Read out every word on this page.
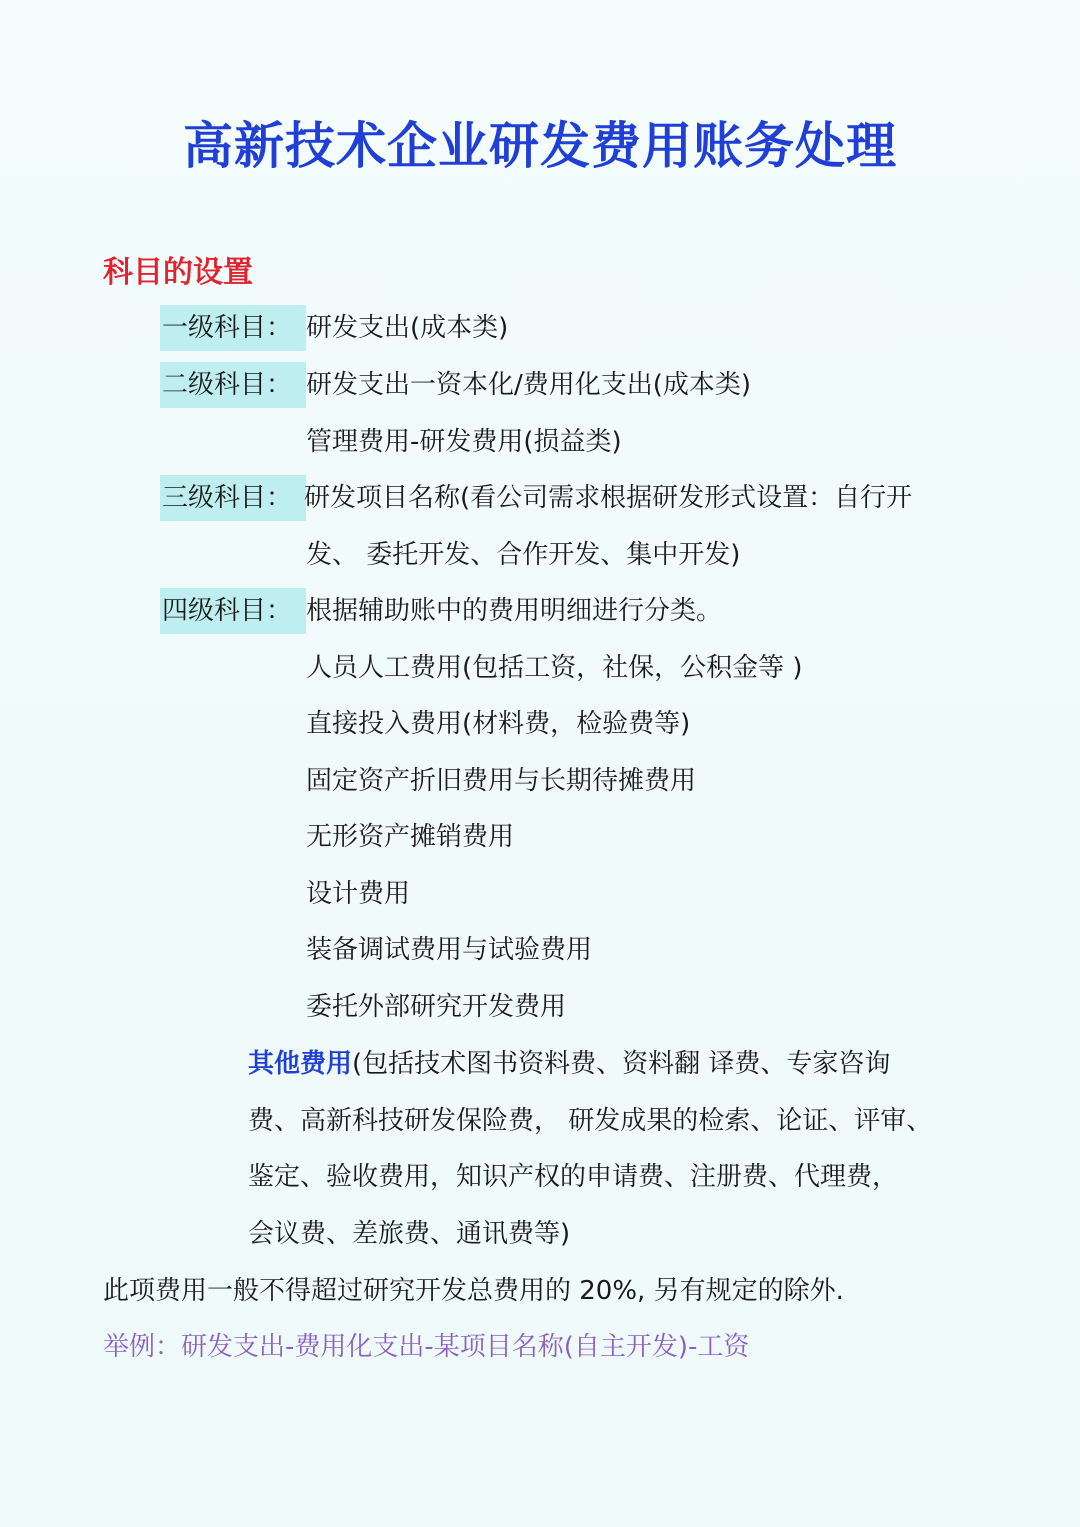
高新技术企业研发费用账务处理
科目的设置
一级科目： 研发支出(成本类)
二级科目： 研发支出一资本化/费用化支出(成本类)
管理费用-研发费用(损益类)
三级科目： 研发项目名称(看公司需求根据研发形式设置：自行开
发、 委托开发、合作开发、集中开发)
四级科目： 根据辅助账中的费用明细进行分类。
人员人工费用(包括工资，社保，公积金等 )
直接投入费用(材料费，检验费等)
固定资产折旧费用与长期待摊费用
无形资产摊销费用
设计费用
装备调试费用与试验费用
委托外部研究开发费用
其他费用(包括技术图书资料费、资料翻 译费、专家咨询
费、高新科技研发保险费， 研发成果的检索、论证、评审、
鉴定、验收费用，知识产权的申请费、注册费、代理费，
会议费、差旅费、通讯费等)
此项费用一般不得超过研究开发总费用的 20%, 另有规定的除外.
举例：研发支出-费用化支出-某项目名称(自主开发)-工资
